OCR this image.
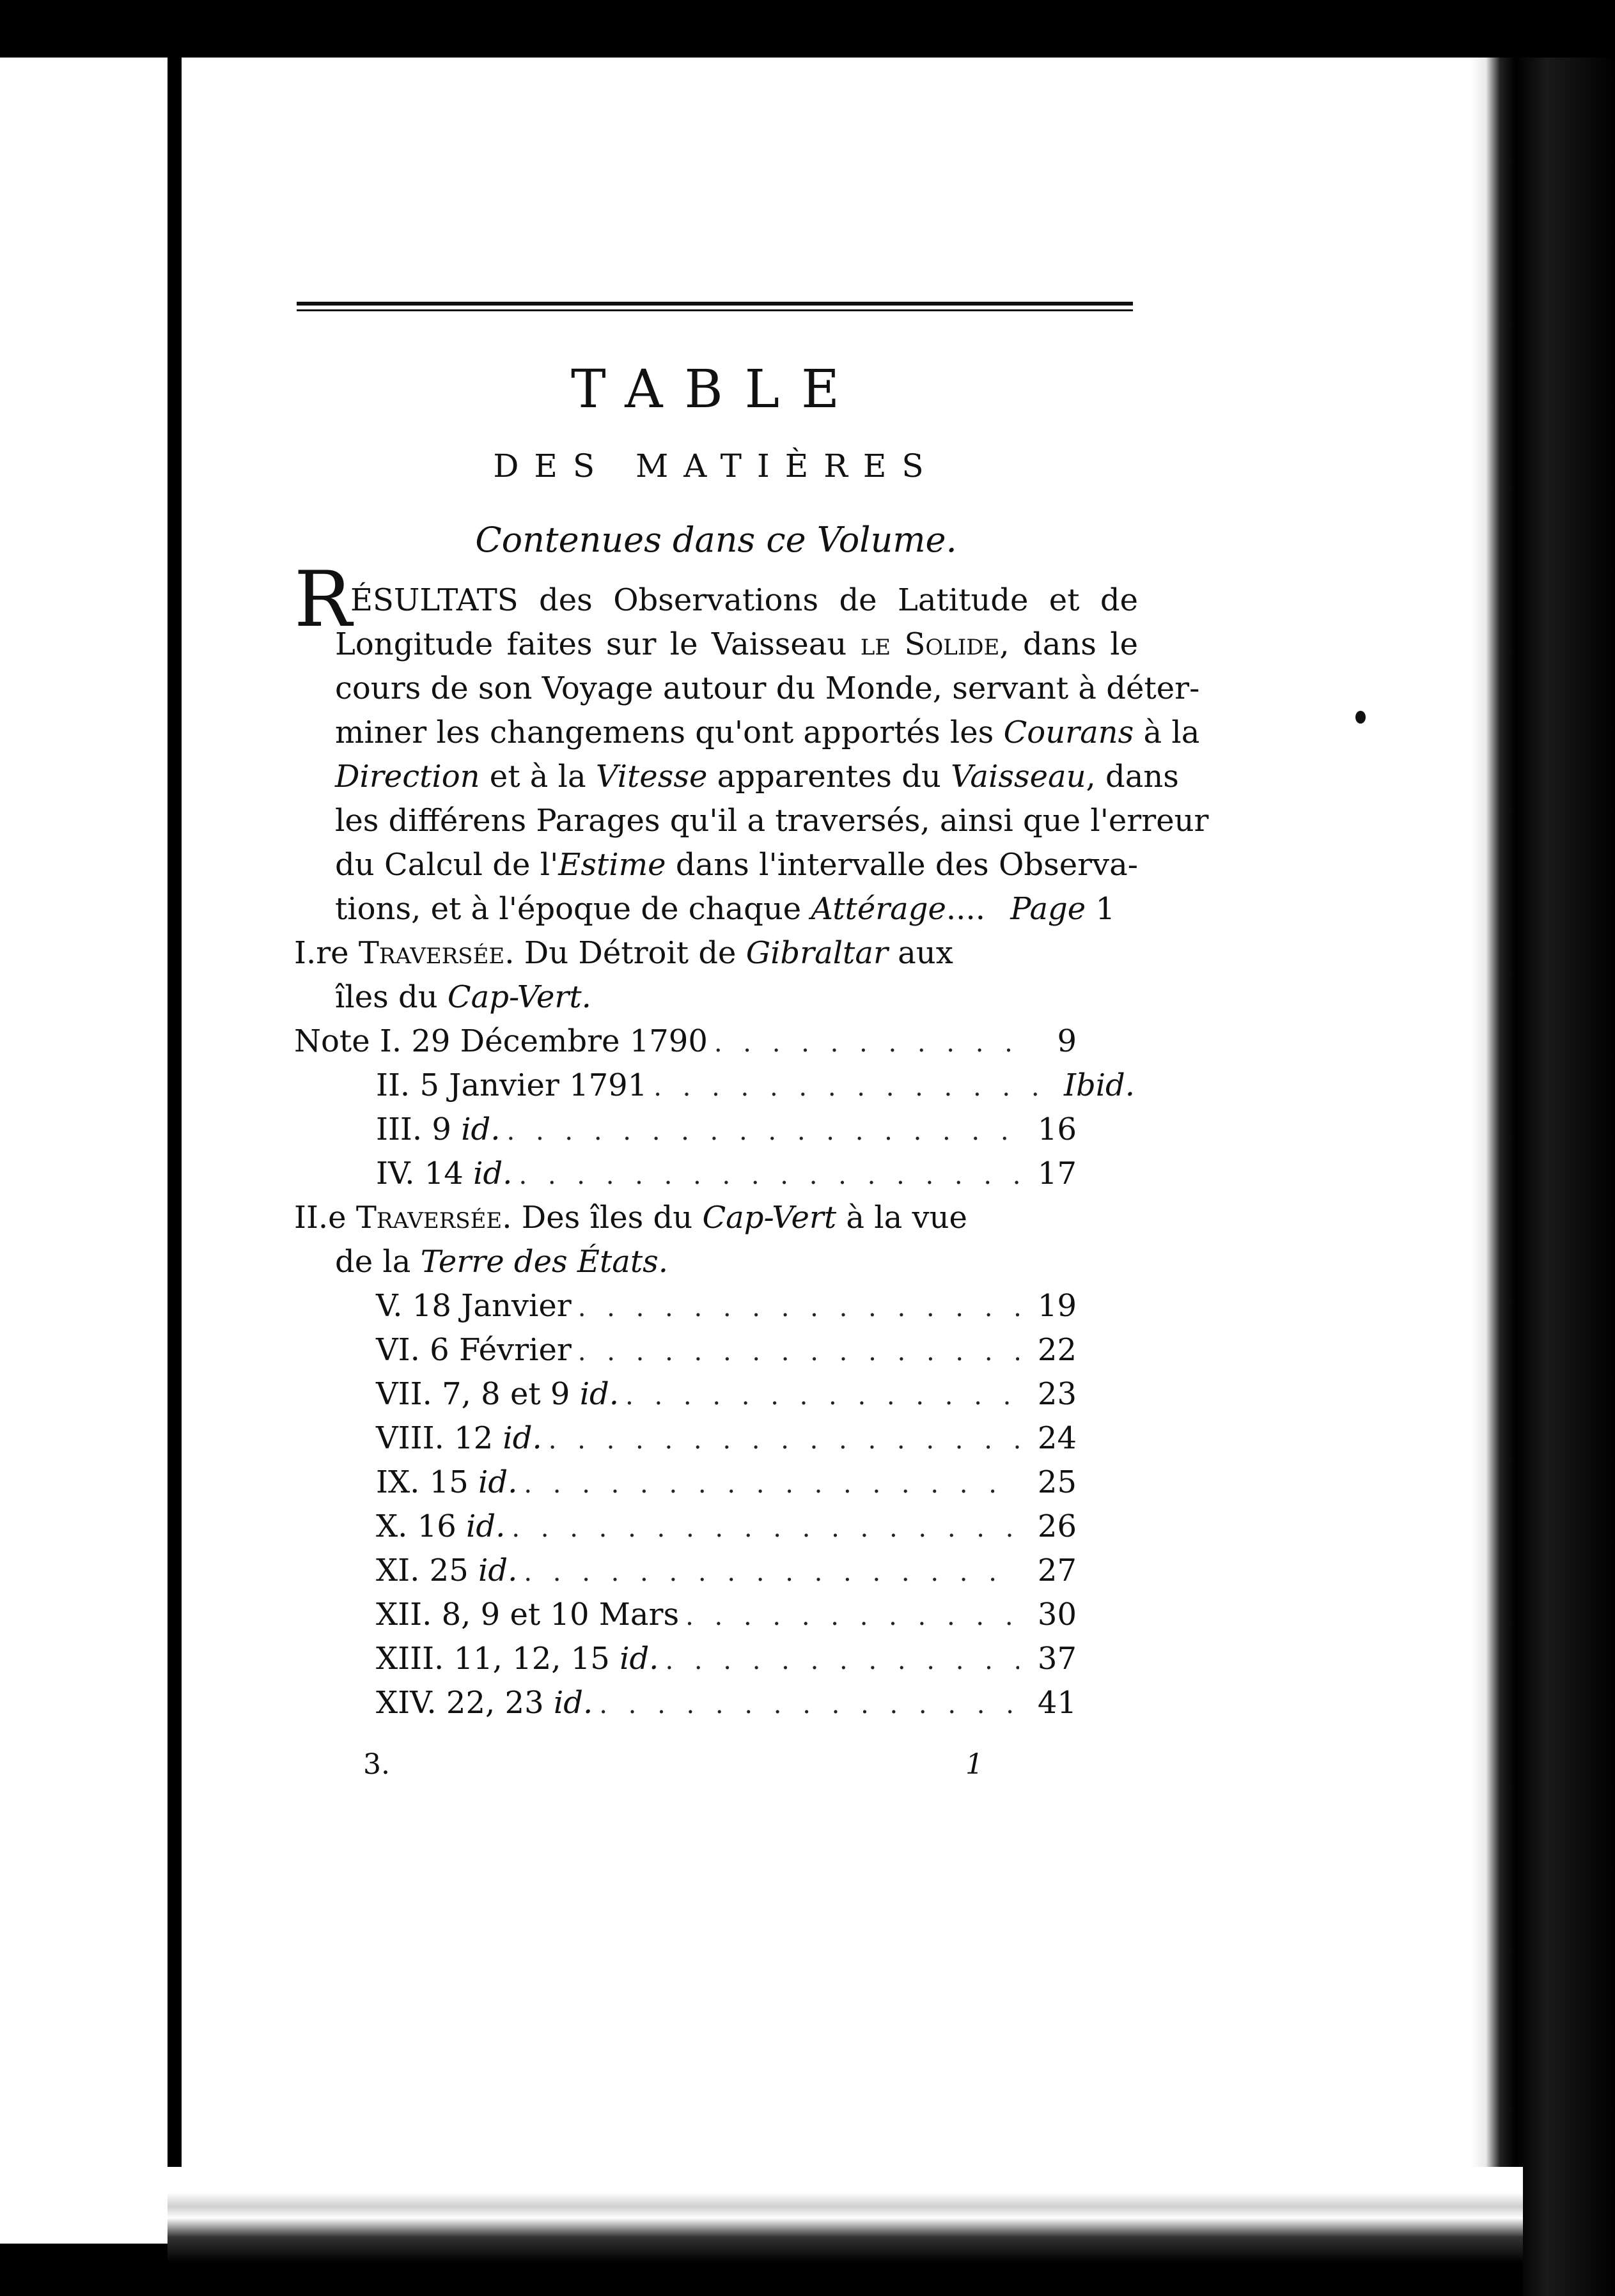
TABLE
DES MATIÈRES
Contenues dans ce Volume.
R
ÉSULTATS des Observations de Latitude et de
Longitude faites sur le Vaisseau le Solide, dans le
cours de son Voyage autour du Monde, servant à déter-
miner les changemens qu'ont apportés les Courans à la
Direction et à la Vitesse apparentes du Vaisseau, dans
les différens Parages qu'il a traversés, ainsi que l'erreur
du Calcul de l'Estime dans l'intervalle des Observa-
tions, et à l'époque de chaque Attérage.... Page 1
I.re Traversée. Du Détroit de Gibraltar aux
îles du Cap-Vert.
Note I. 29 Décembre 1790 . . .	9
II. 5 Janvier 1791 . . .	Ibid.
III. 9 id. . . .	16
IV. 14 id. . . .	17
II.e Traversée. Des îles du Cap-Vert à la vue
de la Terre des États.
V. 18 Janvier . . .	19
VI. 6 Février . . .	22
VII. 7, 8 et 9 id. . . .	23
VIII. 12 id. . . .	24
IX. 15 id. . . .	25
X. 16 id. . . .	26
XI. 25 id. . . .	27
XII. 8, 9 et 10 Mars . . .	30
XIII. 11, 12, 15 id. . . .	37
XIV. 22, 23 id. . . .	41
3.	1
